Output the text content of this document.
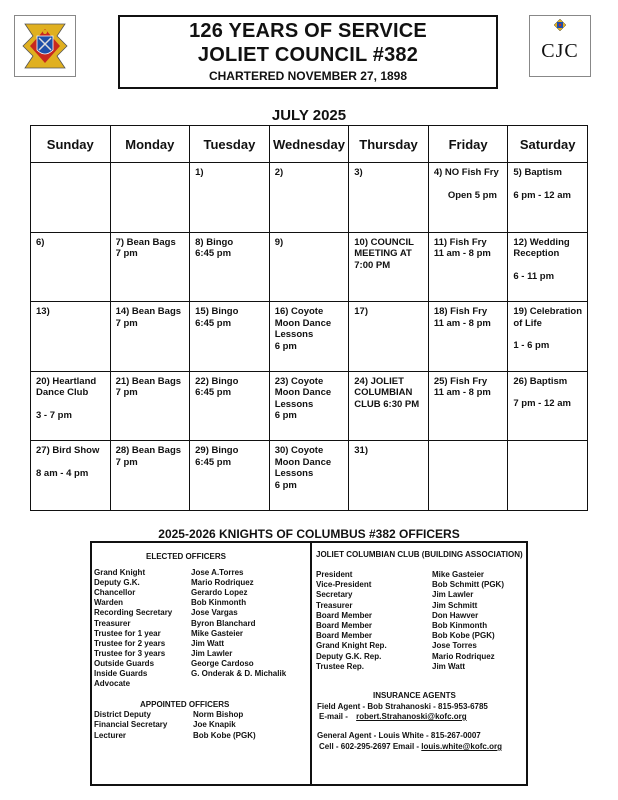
126 YEARS OF SERVICE
JOLIET COUNCIL #382
CHARTERED NOVEMBER 27, 1898
CJC
JULY 2025
Sunday	Monday	Tuesday	Wednesday	Thursday	Friday	Saturday

		1)	2)	3)	4) NO Fish Fry
Open 5 pm	5) Baptism
6 pm - 12 am

6)	7) Bean Bags
7 pm	8) Bingo
6:45 pm	9)	10) COUNCIL
MEETING AT
7:00 PM	11) Fish Fry
11 am - 8 pm	12) Wedding
Reception
6 - 11 pm

13)	14) Bean Bags
7 pm	15) Bingo
6:45 pm	16) Coyote
Moon Dance
Lessons
6 pm	17)	18) Fish Fry
11 am - 8 pm	19) Celebration
of Life
1 - 6 pm

20) Heartland
Dance Club
3 - 7 pm	21) Bean Bags
7 pm	22) Bingo
6:45 pm	23) Coyote
Moon Dance
Lessons
6 pm	24) JOLIET
COLUMBIAN
CLUB 6:30 PM	25) Fish Fry
11 am - 8 pm	26) Baptism
7 pm - 12 am

27) Bird Show
8 am - 4 pm	28) Bean Bags
7 pm	29) Bingo
6:45 pm	30) Coyote
Moon Dance
Lessons
6 pm	31)		

2025-2026 KNIGHTS OF COLUMBUS #382 OFFICERS
ELECTED OFFICERS
Grand Knight	Jose A.Torres
Deputy G.K.	Mario Rodriquez
Chancellor	Gerardo Lopez
Warden	Bob Kinmonth
Recording Secretary Jose Vargas
Treasurer	Byron Blanchard
Trustee for 1 year	Mike Gasteier
Trustee for 2 years	Jim Watt
Trustee for 3 years	Jim Lawler
Outside Guards	George Cardoso
Inside Guards	G. Onderak & D. Michalik
Advocate
APPOINTED OFFICERS
District Deputy	Norm Bishop
Financial Secretary	Joe Knapik
Lecturer	Bob Kobe (PGK)
JOLIET COLUMBIAN CLUB (BUILDING ASSOCIATION)
President	Mike Gasteier
Vice-President	Bob Schmitt (PGK)
Secretary	Jim Lawler
Treasurer	Jim Schmitt
Board Member	Don Hawver
Board Member	Bob Kinmonth
Board Member	Bob Kobe (PGK)
Grand Knight Rep.	Jose Torres
Deputy G.K. Rep.	Mario Rodriquez
Trustee Rep.	Jim Watt
INSURANCE AGENTS
Field Agent - Bob Strahanoski - 815-953-6785
E-mail - robert.Strahanoski@kofc.org
General Agent - Louis White - 815-267-0007
Cell - 602-295-2697 Email - louis.white@kofc.org
